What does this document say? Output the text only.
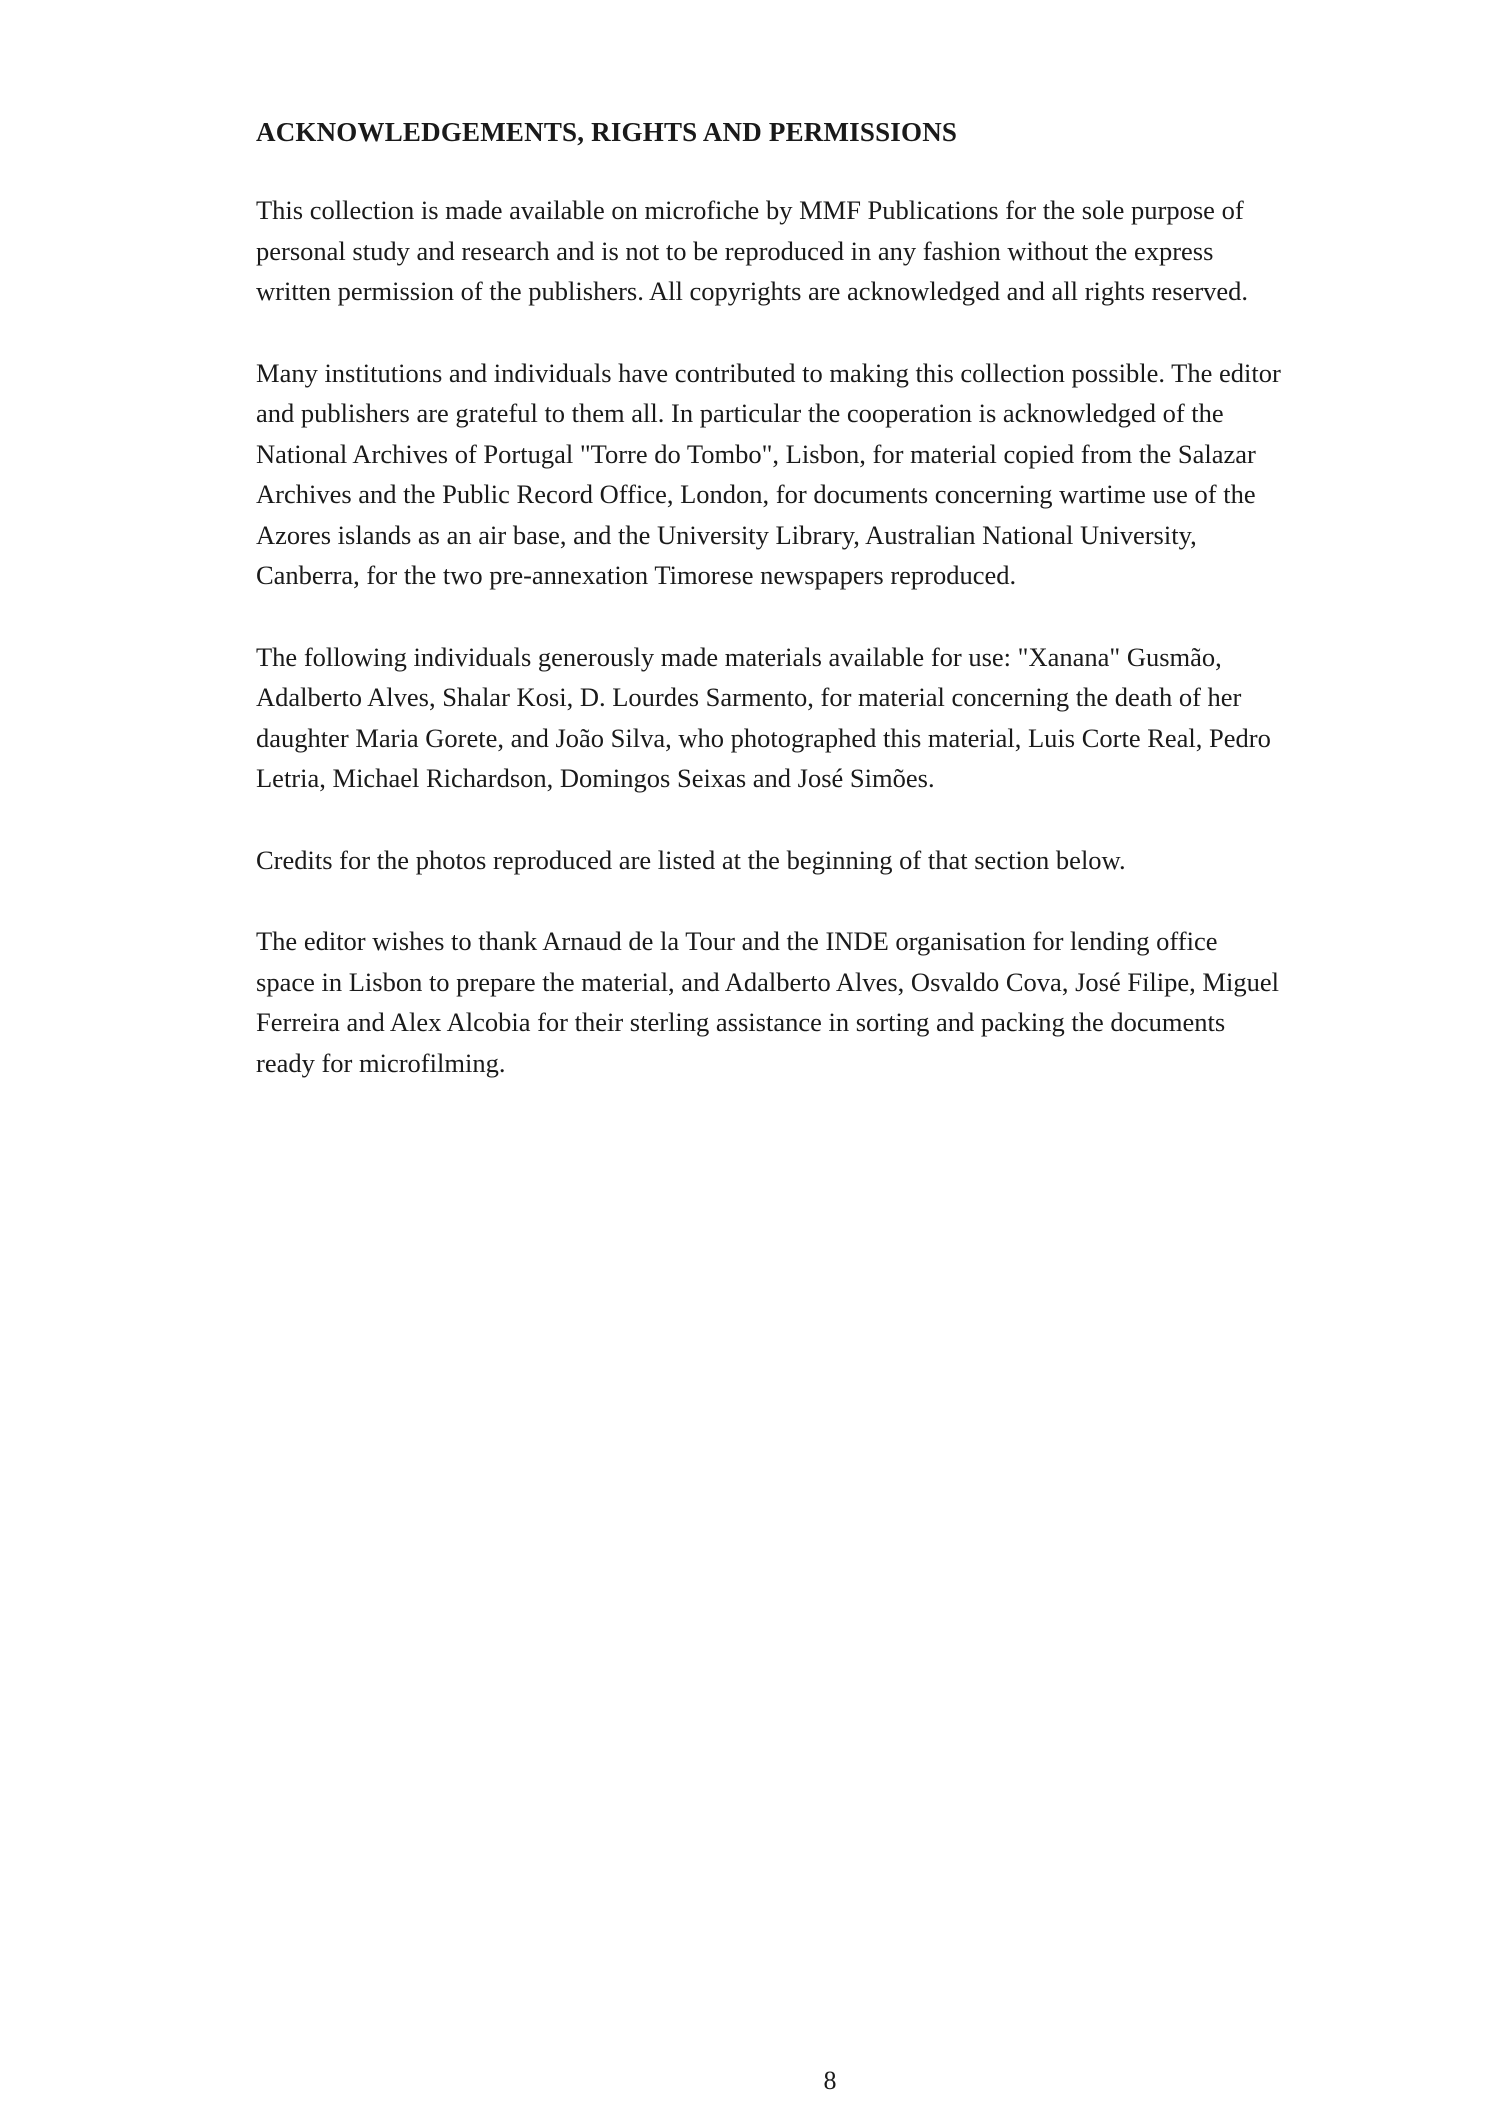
ACKNOWLEDGEMENTS, RIGHTS AND PERMISSIONS

This collection is made available on microfiche by MMF Publications for the sole purpose of
personal study and research and is not to be reproduced in any fashion without the express
written permission of the publishers. All copyrights are acknowledged and all rights reserved.

Many institutions and individuals have contributed to making this collection possible. The editor
and publishers are grateful to them all. In particular the cooperation is acknowledged of the
National Archives of Portugal "Torre do Tombo", Lisbon, for material copied from the Salazar
Archives and the Public Record Office, London, for documents concerning wartime use of the
Azores islands as an air base, and the University Library, Australian National University,
Canberra, for the two pre-annexation Timorese newspapers reproduced.

The following individuals generously made materials available for use: "Xanana" Gusmão,
Adalberto Alves, Shalar Kosi, D. Lourdes Sarmento, for material concerning the death of her
daughter Maria Gorete, and João Silva, who photographed this material, Luis Corte Real, Pedro
Letria, Michael Richardson, Domingos Seixas and José Simões.

Credits for the photos reproduced are listed at the beginning of that section below.

The editor wishes to thank Arnaud de la Tour and the INDE organisation for lending office
space in Lisbon to prepare the material, and Adalberto Alves, Osvaldo Cova, José Filipe, Miguel
Ferreira and Alex Alcobia for their sterling assistance in sorting and packing the documents
ready for microfilming.

8
